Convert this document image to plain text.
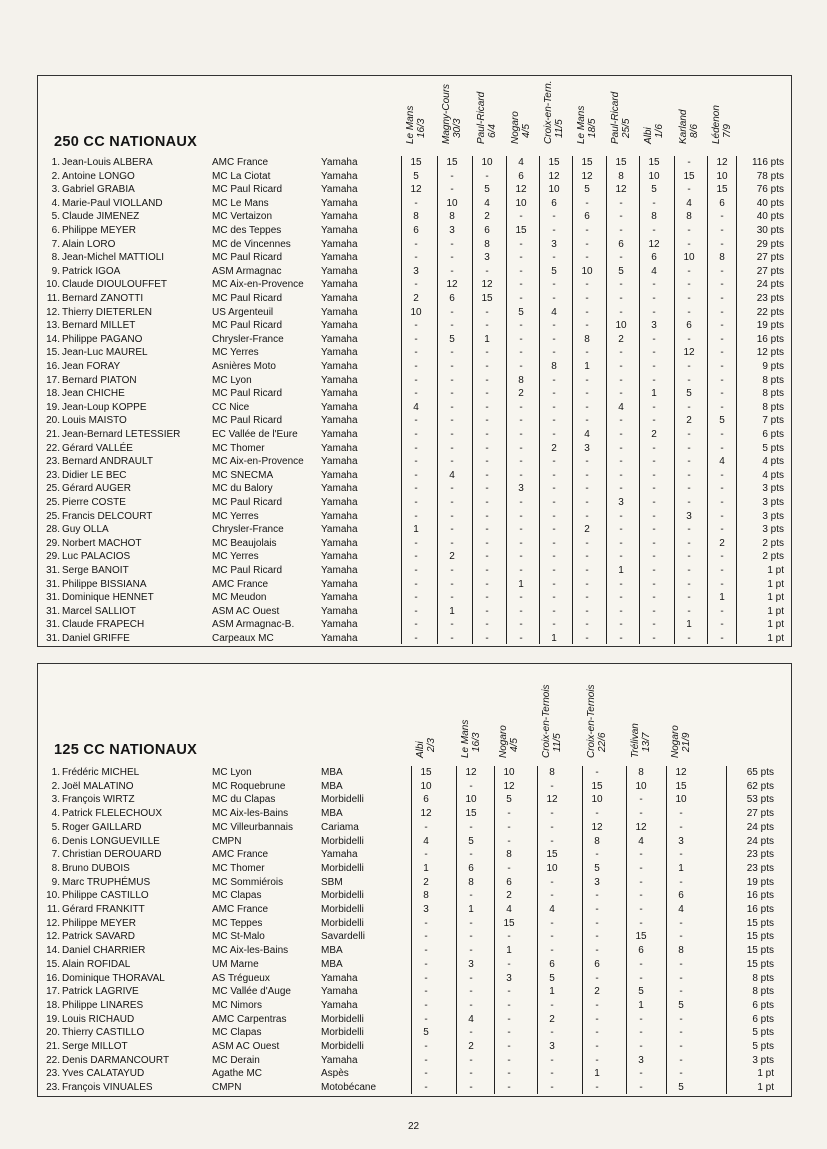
250 CC NATIONAUX	Le Mans 16/3 Magny-Cours 30/3 Paul-Ricard 6/4 Nogaro 4/5 Croix-en-Tern. 11/5 Le Mans 18/5 Paul-Ricard 25/5 Albi 1/6 Karland 8/6 Lédenon 7/9
1. Jean-Louis ALBERA	AMC France	Yamaha	15	15	10	4	15	15	15	15	-	12	116 pts
2. Antoine LONGO	MC La Ciotat	Yamaha	5	-	-	6	12	12	8	10	15	10	78 pts
3. Gabriel GRABIA	MC Paul Ricard	Yamaha	12	-	5	12	10	5	12	5	-	15	76 pts
4. Marie-Paul VIOLLAND	MC Le Mans	Yamaha	-	10	4	10	6	-	-	-	4	6	40 pts
5. Claude JIMENEZ	MC Vertaizon	Yamaha	8	8	2	-	-	6	-	8	8	-	40 pts
6. Philippe MEYER	MC des Teppes	Yamaha	6	3	6	15	-	-	-	-	-	-	30 pts
7. Alain LORO	MC de Vincennes	Yamaha	-	-	8	-	3	-	6	12	-	-	29 pts
8. Jean-Michel MATTIOLI	MC Paul Ricard	Yamaha	-	-	3	-	-	-	-	6	10	8	27 pts
9. Patrick IGOA	ASM Armagnac	Yamaha	3	-	-	-	5	10	5	4	-	-	27 pts
10. Claude DIOULOUFFET	MC Aix-en-Provence Yamaha	-	12	12	-	-	-	-	-	-	-	24 pts
11. Bernard ZANOTTI	MC Paul Ricard	Yamaha	2	6	15	-	-	-	-	-	-	-	23 pts
12. Thierry DIETERLEN	US Argenteuil	Yamaha	10	-	-	5	4	-	-	-	-	-	22 pts
13. Bernard MILLET	MC Paul Ricard	Yamaha	-	-	-	-	-	-	10	3	6	-	19 pts
14. Philippe PAGANO	Chrysler-France	Yamaha	-	5	1	-	-	8	2	-	-	-	16 pts
15. Jean-Luc MAUREL	MC Yerres	Yamaha	-	-	-	-	-	-	-	-	12	-	12 pts
16. Jean FORAY	Asnières Moto	Yamaha	-	-	-	-	8	1	-	-	-	-	9 pts
17. Bernard PIATON	MC Lyon	Yamaha	-	-	-	8	-	-	-	-	-	-	8 pts
18. Jean CHICHE	MC Paul Ricard	Yamaha	-	-	-	2	-	-	-	1	5	-	8 pts
19. Jean-Loup KOPPE	CC Nice	Yamaha	4	-	-	-	-	-	4	-	-	-	8 pts
20. Louis MAISTO	MC Paul Ricard	Yamaha	-	-	-	-	-	-	-	-	2	5	7 pts
21. Jean-Bernard LETESSIER	EC Vallée de l'Eure Yamaha	-	-	-	-	-	4	-	2	-	-	6 pts
22. Gérard VALLÉE	MC Thomer	Yamaha	-	-	-	-	2	3	-	-	-	-	5 pts
23. Bernard ANDRAULT	MC Aix-en-Provence Yamaha	-	-	-	-	-	-	-	-	-	4	4 pts
23. Didier LE BEC	MC SNECMA	Yamaha	-	4	-	-	-	-	-	-	-	-	4 pts
25. Gérard AUGER	MC du Balory	Yamaha	-	-	-	3	-	-	-	-	-	-	3 pts
25. Pierre COSTE	MC Paul Ricard	Yamaha	-	-	-	-	-	-	3	-	-	-	3 pts
25. Francis DELCOURT	MC Yerres	Yamaha	-	-	-	-	-	-	-	-	3	-	3 pts
28. Guy OLLA	Chrysler-France	Yamaha	1	-	-	-	-	2	-	-	-	-	3 pts
29. Norbert MACHOT	MC Beaujolais	Yamaha	-	-	-	-	-	-	-	-	-	2	2 pts
29. Luc PALACIOS	MC Yerres	Yamaha	-	2	-	-	-	-	-	-	-	-	2 pts
31. Serge BANOIT	MC Paul Ricard	Yamaha	-	-	-	-	-	-	1	-	-	-	1 pt
31. Philippe BISSIANA	AMC France	Yamaha	-	-	-	1	-	-	-	-	-	-	1 pt
31. Dominique HENNET	MC Meudon	Yamaha	-	-	-	-	-	-	-	-	-	1	1 pt
31. Marcel SALLIOT	ASM AC Ouest	Yamaha	-	1	-	-	-	-	-	-	-	-	1 pt
31. Claude FRAPECH	ASM Armagnac-B.	Yamaha	-	-	-	-	-	-	-	-	1	-	1 pt
31. Daniel GRIFFE	Carpeaux MC	Yamaha	-	-	-	-	1	-	-	-	-	-	1 pt
125 CC NATIONAUX	Albi 2/3 Le Mans 16/3 Nogaro 4/5 Croix-en-Ternois 11/5 Croix-en-Ternois 22/6 Trélivan 13/7 Nogaro 21/9
1. Frédéric MICHEL	MC Lyon	MBA	15	12	10	8	-	8	12	65 pts
2. Joël MALATINO	MC Roquebrune	MBA	10	-	12	-	15	10	15	62 pts
3. François WIRTZ	MC du Clapas	Morbidelli	6	10	5	12	10	-	10	53 pts
4. Patrick FLELECHOUX	MC Aix-les-Bains	MBA	12	15	-	-	-	-	-	27 pts
5. Roger GAILLARD	MC Villeurbannais	Cariama	-	-	-	-	12	12	-	24 pts
6. Denis LONGUEVILLE	CMPN	Morbidelli	4	5	-	-	8	4	3	24 pts
7. Christian DEROUARD	AMC France	Yamaha	-	-	8	15	-	-	-	23 pts
8. Bruno DUBOIS	MC Thomer	Morbidelli	1	6	-	10	5	-	1	23 pts
9. Marc TRUPHÉMUS	MC Sommiérois	SBM	2	8	6	-	3	-	-	19 pts
10. Philippe CASTILLO	MC Clapas	Morbidelli	8	-	2	-	-	-	6	16 pts
11. Gérard FRANKITT	AMC France	Morbidelli	3	1	4	4	-	-	4	16 pts
12. Philippe MEYER	MC Teppes	Morbidelli	-	-	15	-	-	-	-	15 pts
12. Patrick SAVARD	MC St-Malo	Savardelli	-	-	-	-	-	15	-	15 pts
14. Daniel CHARRIER	MC Aix-les-Bains	MBA	-	-	1	-	-	6	8	15 pts
15. Alain ROFIDAL	UM Marne	MBA	-	3	-	6	6	-	-	15 pts
16. Dominique THORAVAL	AS Trégueux	Yamaha	-	-	3	5	-	-	-	8 pts
17. Patrick LAGRIVE	MC Vallée d'Auge	Yamaha	-	-	-	1	2	5	-	8 pts
18. Philippe LINARES	MC Nimors	Yamaha	-	-	-	-	-	1	5	6 pts
19. Louis RICHAUD	AMC Carpentras	Morbidelli	-	4	-	2	-	-	-	6 pts
20. Thierry CASTILLO	MC Clapas	Morbidelli	5	-	-	-	-	-	-	5 pts
21. Serge MILLOT	ASM AC Ouest	Morbidelli	-	2	-	3	-	-	-	5 pts
22. Denis DARMANCOURT	MC Derain	Yamaha	-	-	-	-	-	3	-	3 pts
23. Yves CALATAYUD	Agathe MC	Aspès	-	-	-	-	1	-	-	1 pt
23. François VINUALES	CMPN	Motobécane	-	-	-	-	-	-	5	1 pt
22
